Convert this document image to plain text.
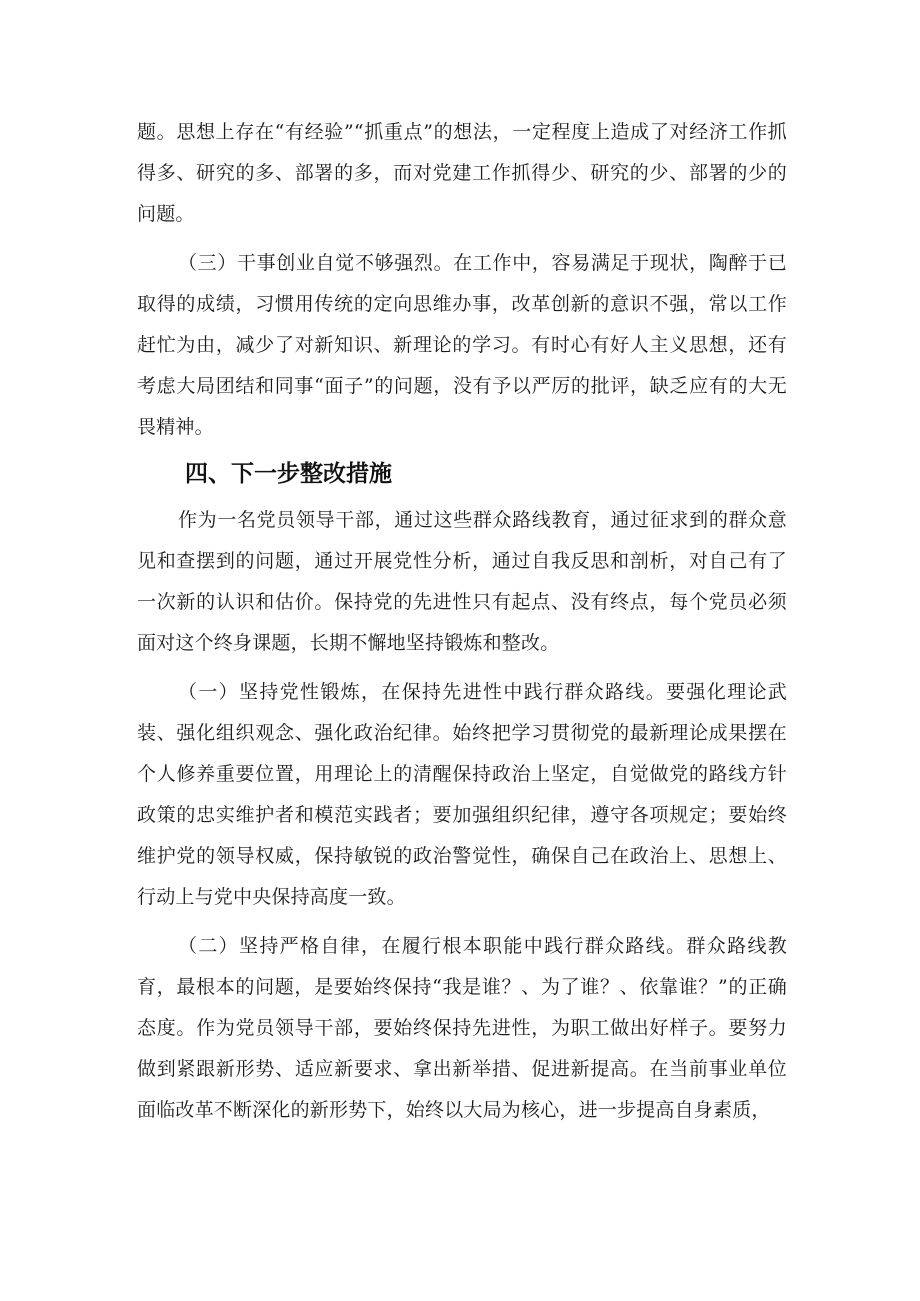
题。思想上存在“有经验”“抓重点”的想法，一定程度上造成了对经济工作抓得多、研究的多、部署的多，而对党建工作抓得少、研究的少、部署的少的问题。

（三）干事创业自觉不够强烈。在工作中，容易满足于现状，陶醉于已取得的成绩，习惯用传统的定向思维办事，改革创新的意识不强，常以工作赶忙为由，减少了对新知识、新理论的学习。有时心有好人主义思想，还有考虑大局团结和同事“面子”的问题，没有予以严厉的批评，缺乏应有的大无畏精神。

四、下一步整改措施

作为一名党员领导干部，通过这些群众路线教育，通过征求到的群众意见和查摆到的问题，通过开展党性分析，通过自我反思和剖析，对自己有了一次新的认识和估价。保持党的先进性只有起点、没有终点，每个党员必须面对这个终身课题，长期不懈地坚持锻炼和整改。

（一）坚持党性锻炼，在保持先进性中践行群众路线。要强化理论武装、强化组织观念、强化政治纪律。始终把学习贯彻党的最新理论成果摆在个人修养重要位置，用理论上的清醒保持政治上坚定，自觉做党的路线方针政策的忠实维护者和模范实践者；要加强组织纪律，遵守各项规定；要始终维护党的领导权威，保持敏锐的政治警觉性，确保自己在政治上、思想上、行动上与党中央保持高度一致。

（二）坚持严格自律，在履行根本职能中践行群众路线。群众路线教育，最根本的问题，是要始终保持“我是谁？、为了谁？、依靠谁？”的正确态度。作为党员领导干部，要始终保持先进性，为职工做出好样子。要努力做到紧跟新形势、适应新要求、拿出新举措、促进新提高。在当前事业单位面临改革不断深化的新形势下，始终以大局为核心，进一步提高自身素质，
